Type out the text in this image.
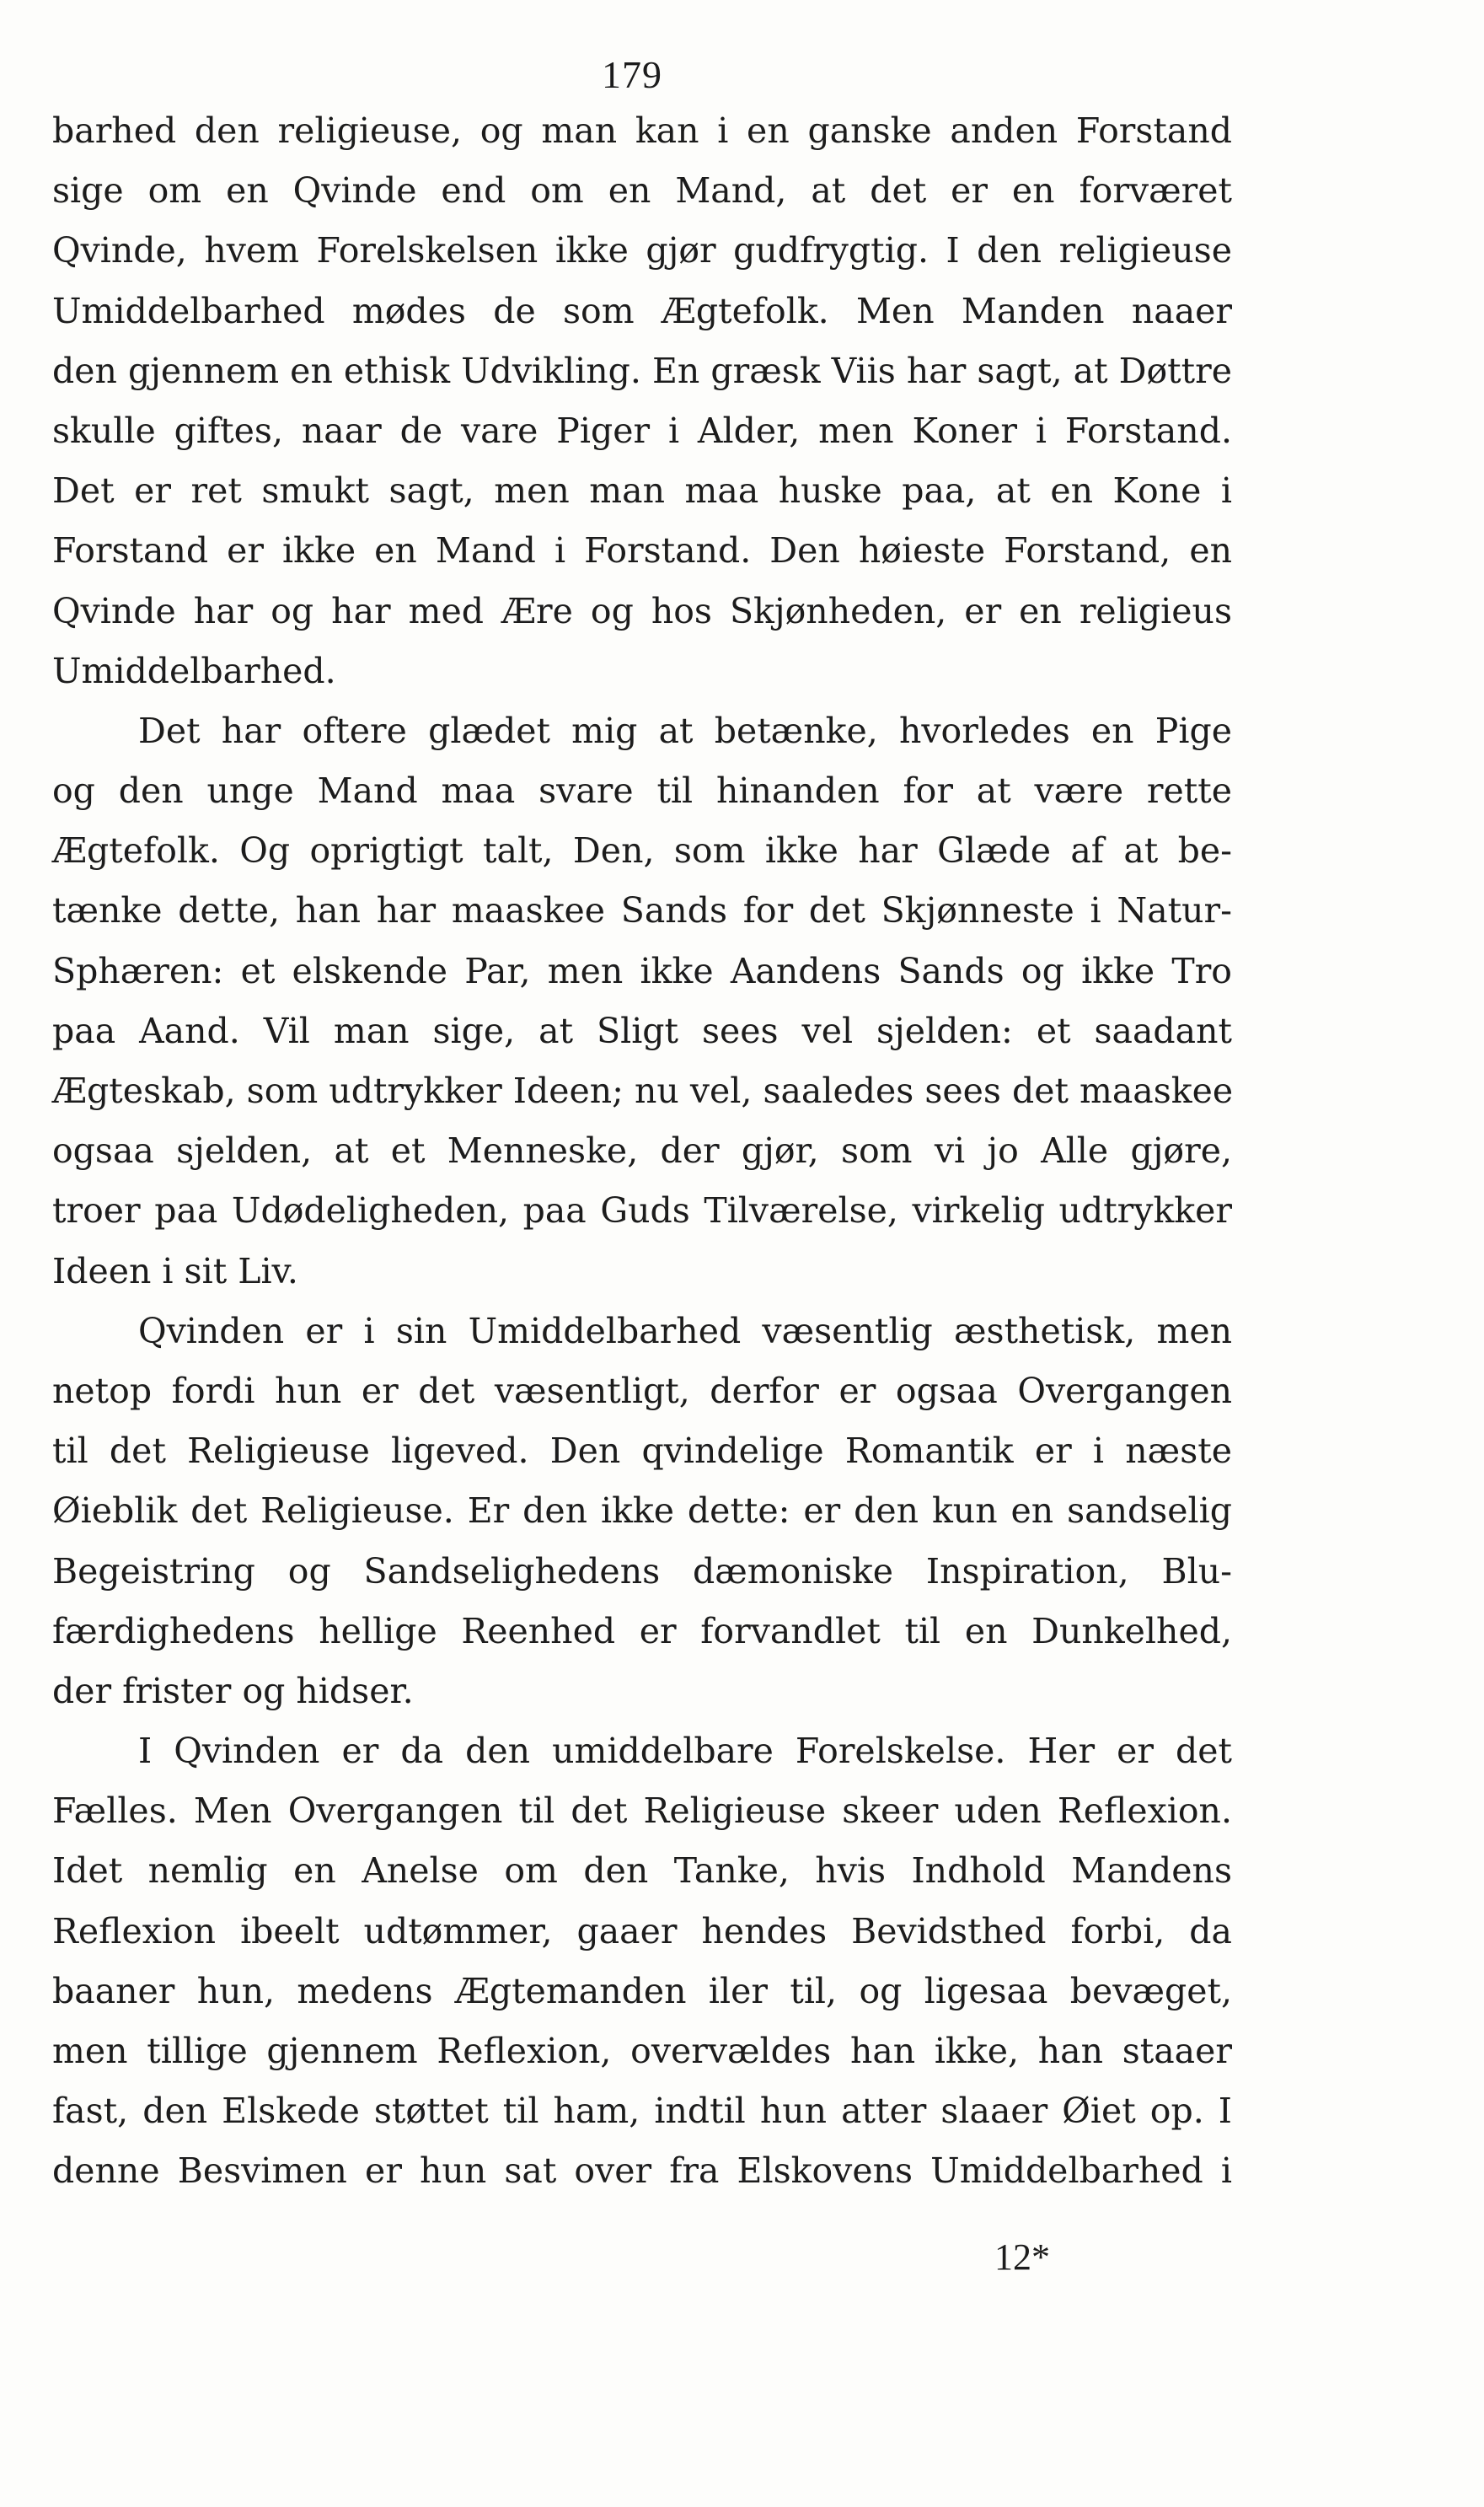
179
barhed den religieuse, og man kan i en ganske anden Forstand
sige om en Qvinde end om en Mand, at det er en forværet
Qvinde, hvem Forelskelsen ikke gjør gudfrygtig. I den religieuse
Umiddelbarhed mødes de som Ægtefolk. Men Manden naaer
den gjennem en ethisk Udvikling. En græsk Viis har sagt, at Døttre
skulle giftes, naar de vare Piger i Alder, men Koner i Forstand.
Det er ret smukt sagt, men man maa huske paa, at en Kone i
Forstand er ikke en Mand i Forstand. Den høieste Forstand, en
Qvinde har og har med Ære og hos Skjønheden, er en religieus
Umiddelbarhed.
Det har oftere glædet mig at betænke, hvorledes en Pige
og den unge Mand maa svare til hinanden for at være rette
Ægtefolk. Og oprigtigt talt, Den, som ikke har Glæde af at be-
tænke dette, han har maaskee Sands for det Skjønneste i Natur-
Sphæren: et elskende Par, men ikke Aandens Sands og ikke Tro
paa Aand. Vil man sige, at Sligt sees vel sjelden: et saadant
Ægteskab, som udtrykker Ideen; nu vel, saaledes sees det maaskee
ogsaa sjelden, at et Menneske, der gjør, som vi jo Alle gjøre,
troer paa Udødeligheden, paa Guds Tilværelse, virkelig udtrykker
Ideen i sit Liv.
Qvinden er i sin Umiddelbarhed væsentlig æsthetisk, men
netop fordi hun er det væsentligt, derfor er ogsaa Overgangen
til det Religieuse ligeved. Den qvindelige Romantik er i næste
Øieblik det Religieuse. Er den ikke dette: er den kun en sandselig
Begeistring og Sandselighedens dæmoniske Inspiration, Blu-
færdighedens hellige Reenhed er forvandlet til en Dunkelhed,
der frister og hidser.
I Qvinden er da den umiddelbare Forelskelse. Her er det
Fælles. Men Overgangen til det Religieuse skeer uden Reflexion.
Idet nemlig en Anelse om den Tanke, hvis Indhold Mandens
Reflexion ibeelt udtømmer, gaaer hendes Bevidsthed forbi, da
baaner hun, medens Ægtemanden iler til, og ligesaa bevæget,
men tillige gjennem Reflexion, overvældes han ikke, han staaer
fast, den Elskede støttet til ham, indtil hun atter slaaer Øiet op. I
denne Besvimen er hun sat over fra Elskovens Umiddelbarhed i
12*
